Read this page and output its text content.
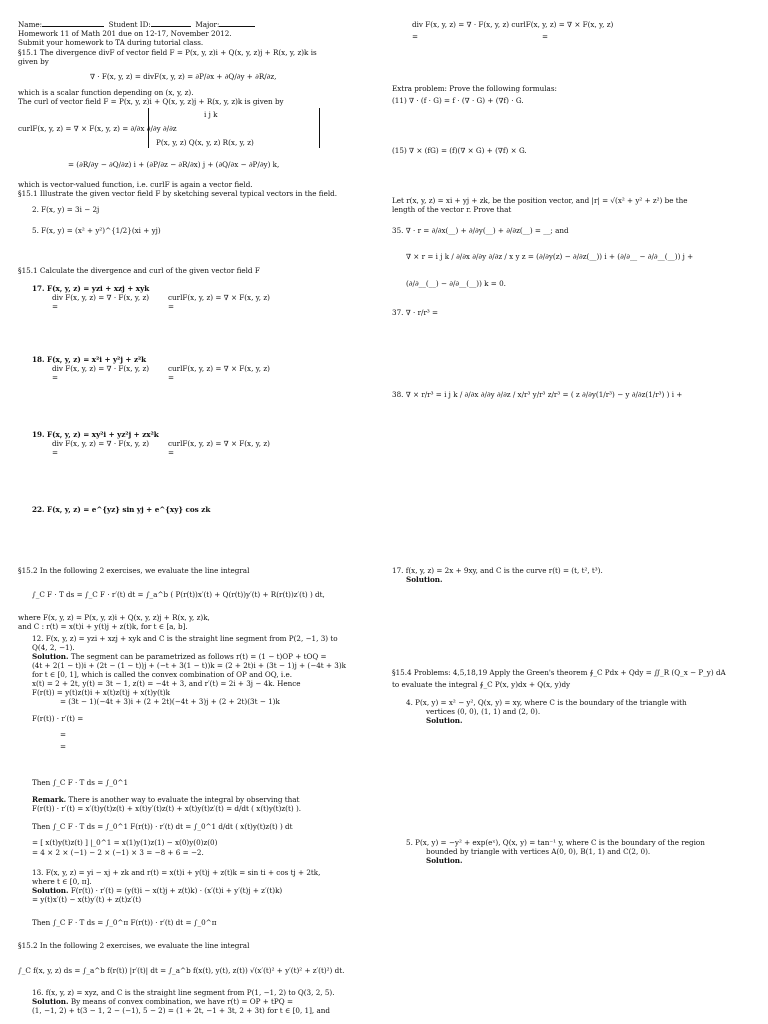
Name:	Student ID:	Major:
Homework 11 of Math 201 due on 12-17, November 2012.
Submit your homework to TA during tutorial class.
§15.1 The divergence divF of vector field F = P(x, y, z)i + Q(x, y, z)j + R(x, y, z)k is
given by
∇ · F(x, y, z) = divF(x, y, z) = ∂P/∂x + ∂Q/∂y + ∂R/∂z,
which is a scalar function depending on (x, y, z).
The curl of vector field F = P(x, y, z)i + Q(x, y, z)j + R(x, y, z)k is given by
i j k
curlF(x, y, z) = ∇ × F(x, y, z) = ∂/∂x ∂/∂y ∂/∂z
P(x, y, z) Q(x, y, z) R(x, y, z)
= (∂R/∂y − ∂Q/∂z) i + (∂P/∂z − ∂R/∂x) j + (∂Q/∂x − ∂P/∂y) k,
which is vector-valued function, i.e. curlF is again a vector field.
§15.1 Illustrate the given vector field F by sketching several typical vectors in the field.
2. F(x, y) = 3i − 2j
5. F(x, y) = (x² + y²)^{1/2}(xi + yj)
§15.1 Calculate the divergence and curl of the given vector field F
17. F(x, y, z) = yzi + xzj + xyk
div F(x, y, z) = ∇ · F(x, y, z)	curlF(x, y, z) = ∇ × F(x, y, z)
=	=
18. F(x, y, z) = x²i + y²j + z²k
div F(x, y, z) = ∇ · F(x, y, z)	curlF(x, y, z) = ∇ × F(x, y, z)
=	=
19. F(x, y, z) = xy²i + yz²j + zx²k
div F(x, y, z) = ∇ · F(x, y, z)	curlF(x, y, z) = ∇ × F(x, y, z)
=	=
22. F(x, y, z) = e^{yz} sin yj + e^{xy} cos zk
§15.2 In the following 2 exercises, we evaluate the line integral
∫_C F · T ds = ∫_C F · r′(t) dt = ∫_a^b ( P(r(t))x′(t) + Q(r(t))y′(t) + R(r(t))z′(t) ) dt,
where F(x, y, z) = P(x, y, z)i + Q(x, y, z)j + R(x, y, z)k,
and C : r(t) = x(t)i + y(t)j + z(t)k, for t ∈ [a, b].
12. F(x, y, z) = yzi + xzj + xyk and C is the straight line segment from P(2, −1, 3) to
Q(4, 2, −1).
Solution. The segment can be parametrized as follows r(t) = (1 − t)OP + tOQ =
(4t + 2(1 − t))i + (2t − (1 − t))j + (−t + 3(1 − t))k = (2 + 2t)i + (3t − 1)j + (−4t + 3)k
for t ∈ [0, 1], which is called the convex combination of OP and OQ, i.e.
x(t) = 2 + 2t, y(t) = 3t − 1, z(t) = −4t + 3, and r′(t) = 2i + 3j − 4k. Hence
F(r(t)) = y(t)z(t)i + x(t)z(t)j + x(t)y(t)k
= (3t − 1)(−4t + 3)i + (2 + 2t)(−4t + 3)j + (2 + 2t)(3t − 1)k
F(r(t)) · r′(t) =
=
=
Then ∫_C F · T ds = ∫_0^1
Remark. There is another way to evaluate the integral by observing that
F(r(t)) · r′(t) = x′(t)y(t)z(t) + x(t)y′(t)z(t) + x(t)y(t)z′(t) = d/dt ( x(t)y(t)z(t) ).
Then ∫_C F · T ds = ∫_0^1 F(r(t)) · r′(t) dt = ∫_0^1 d/dt ( x(t)y(t)z(t) ) dt
= [ x(t)y(t)z(t) ] |_0^1 = x(1)y(1)z(1) − x(0)y(0)z(0)
= 4 × 2 × (−1) − 2 × (−1) × 3 = −8 + 6 = −2.
13. F(x, y, z) = yi − xj + zk and r(t) = x(t)i + y(t)j + z(t)k = sin ti + cos tj + 2tk,
where t ∈ [0, π].
Solution. F(r(t)) · r′(t) = (y(t)i − x(t)j + z(t)k) · (x′(t)i + y′(t)j + z′(t)k)
= y(t)x′(t) − x(t)y′(t) + z(t)z′(t)
Then ∫_C F · T ds = ∫_0^π F(r(t)) · r′(t) dt = ∫_0^π
§15.2 In the following 2 exercises, we evaluate the line integral
∫_C f(x, y, z) ds = ∫_a^b f(r(t)) |r′(t)| dt = ∫_a^b f(x(t), y(t), z(t)) √(x′(t)² + y′(t)² + z′(t)²) dt.
16. f(x, y, z) = xyz, and C is the straight line segment from P(1, −1, 2) to Q(3, 2, 5).
Solution. By means of convex combination, we have r(t) = OP + tPQ =
(1, −1, 2) + t(3 − 1, 2 − (−1), 5 − 2) = (1 + 2t, −1 + 3t, 2 + 3t) for t ∈ [0, 1], and
div F(x, y, z) = ∇ · F(x, y, z) curlF(x, y, z) = ∇ × F(x, y, z)
=	=
Extra problem: Prove the following formulas:
(11) ∇ · (f · G) = f · (∇ · G) + (∇f) · G.
(15) ∇ × (fG) = (f)(∇ × G) + (∇f) × G.
Let r(x, y, z) = xi + yj + zk, be the position vector, and |r| = √(x² + y² + z²) be the
length of the vector r. Prove that
35. ∇ · r = ∂/∂x(__) + ∂/∂y(__) + ∂/∂z(__) = __; and
∇ × r = i j k / ∂/∂x ∂/∂y ∂/∂z / x y z = (∂/∂y(z) − ∂/∂z(__)) i + (∂/∂__ − ∂/∂__(__)) j +
(∂/∂__(__) − ∂/∂__(__)) k = 0.
37. ∇ · r/r³ =
38. ∇ × r/r³ = i j k / ∂/∂x ∂/∂y ∂/∂z / x/r³ y/r³ z/r³ = ( z ∂/∂y(1/r³) − y ∂/∂z(1/r³) ) i +
17. f(x, y, z) = 2x + 9xy, and C is the curve r(t) = (t, t², t³).
Solution.
§15.4 Problems: 4,5,18,19 Apply the Green's theorem ∮_C Pdx + Qdy = ∬_R (Q_x − P_y) dA
to evaluate the integral ∮_C P(x, y)dx + Q(x, y)dy
4. P(x, y) = x² − y², Q(x, y) = xy, where C is the boundary of the triangle with
vertices (0, 0), (1, 1) and (2, 0).
Solution.
5. P(x, y) = −y² + exp(eˣ), Q(x, y) = tan⁻¹ y, where C is the boundary of the region
bounded by triangle with vertices A(0, 0), B(1, 1) and C(2, 0).
Solution.
